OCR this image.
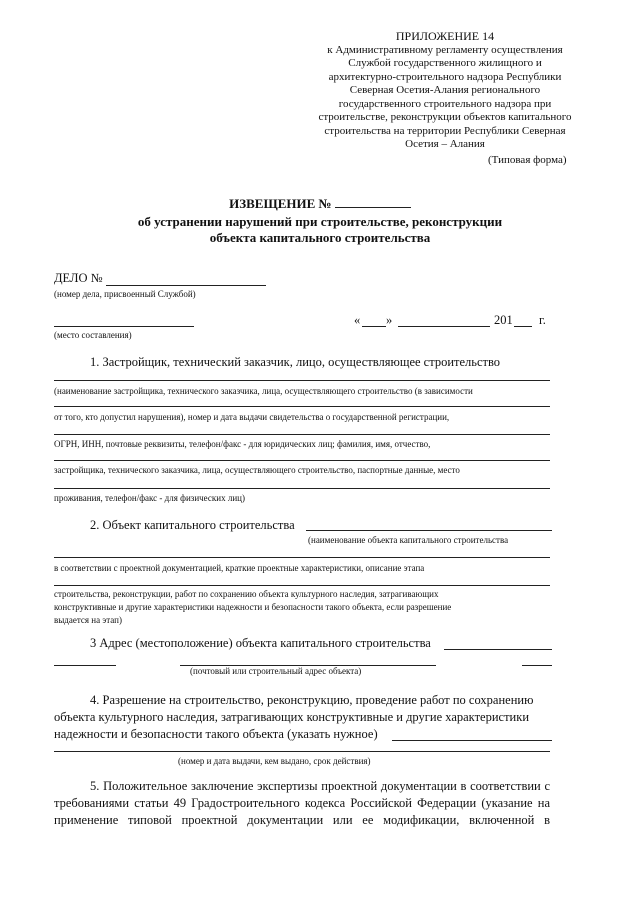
ПРИЛОЖЕНИЕ 14
к Административному регламенту осуществления
Службой государственного жилищного и
архитектурно-строительного надзора Республики
Северная Осетия-Алания регионального
государственного строительного надзора при
строительстве, реконструкции объектов капитального
строительства на территории Республики Северная
Осетия – Алания
(Типовая форма)
ИЗВЕЩЕНИЕ №
об устранении нарушений при строительстве, реконструкции
объекта капитального строительства
ДЕЛО №
(номер дела, присвоенный Службой)
(место составления)
« »	201 г.
1. Застройщик, технический заказчик, лицо, осуществляющее строительство
(наименование застройщика, технического заказчика, лица, осуществляющего строительство (в зависимости
от того, кто допустил нарушения), номер и дата выдачи свидетельства о государственной регистрации,
ОГРН, ИНН, почтовые реквизиты, телефон/факс - для юридических лиц; фамилия, имя, отчество,
застройщика, технического заказчика, лица, осуществляющего строительство, паспортные данные, место
проживания, телефон/факс - для физических лиц)
2. Объект капитального строительства
(наименование объекта капитального строительства
в соответствии с проектной документацией, краткие проектные характеристики, описание этапа
строительства, реконструкции, работ по сохранению объекта культурного наследия, затрагивающих
конструктивные и другие характеристики надежности и безопасности такого объекта, если разрешение
выдается на этап)
3 Адрес (местоположение) объекта капитального строительства
(почтовый или строительный адрес объекта)
4. Разрешение на строительство, реконструкцию, проведение работ по сохранению
объекта культурного наследия, затрагивающих конструктивные и другие характеристики
надежности и безопасности такого объекта (указать нужное)
(номер и дата выдачи, кем выдано, срок действия)
5. Положительное заключение экспертизы проектной документации в соответствии с
требованиями статьи 49 Градостроительного кодекса Российской Федерации (указание на
применение типовой проектной документации или ее модификации, включенной в
